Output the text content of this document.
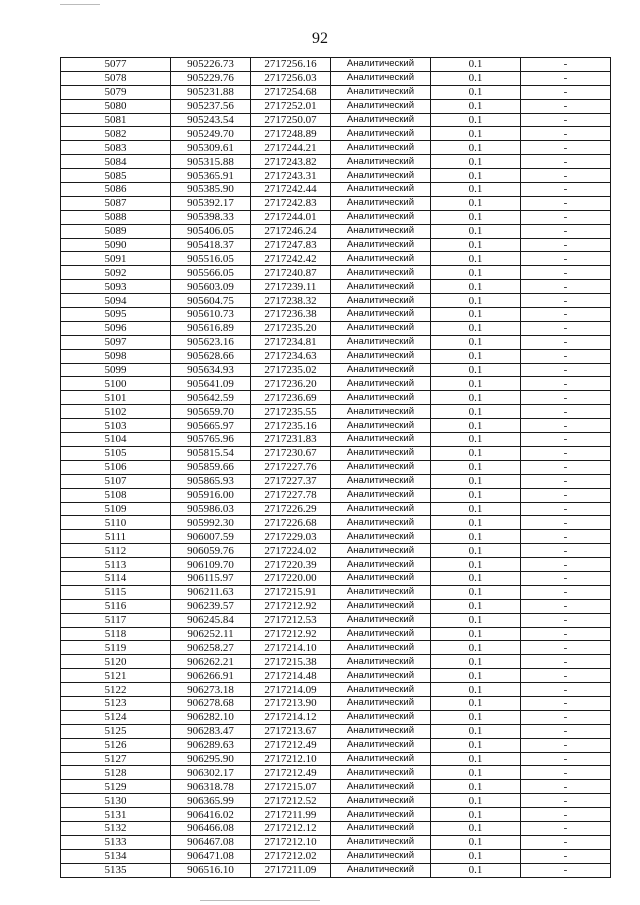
92
5077	905226.73	2717256.16	Аналитический	0.1	-
5078	905229.76	2717256.03	Аналитический	0.1	-
5079	905231.88	2717254.68	Аналитический	0.1	-
5080	905237.56	2717252.01	Аналитический	0.1	-
5081	905243.54	2717250.07	Аналитический	0.1	-
5082	905249.70	2717248.89	Аналитический	0.1	-
5083	905309.61	2717244.21	Аналитический	0.1	-
5084	905315.88	2717243.82	Аналитический	0.1	-
5085	905365.91	2717243.31	Аналитический	0.1	-
5086	905385.90	2717242.44	Аналитический	0.1	-
5087	905392.17	2717242.83	Аналитический	0.1	-
5088	905398.33	2717244.01	Аналитический	0.1	-
5089	905406.05	2717246.24	Аналитический	0.1	-
5090	905418.37	2717247.83	Аналитический	0.1	-
5091	905516.05	2717242.42	Аналитический	0.1	-
5092	905566.05	2717240.87	Аналитический	0.1	-
5093	905603.09	2717239.11	Аналитический	0.1	-
5094	905604.75	2717238.32	Аналитический	0.1	-
5095	905610.73	2717236.38	Аналитический	0.1	-
5096	905616.89	2717235.20	Аналитический	0.1	-
5097	905623.16	2717234.81	Аналитический	0.1	-
5098	905628.66	2717234.63	Аналитический	0.1	-
5099	905634.93	2717235.02	Аналитический	0.1	-
5100	905641.09	2717236.20	Аналитический	0.1	-
5101	905642.59	2717236.69	Аналитический	0.1	-
5102	905659.70	2717235.55	Аналитический	0.1	-
5103	905665.97	2717235.16	Аналитический	0.1	-
5104	905765.96	2717231.83	Аналитический	0.1	-
5105	905815.54	2717230.67	Аналитический	0.1	-
5106	905859.66	2717227.76	Аналитический	0.1	-
5107	905865.93	2717227.37	Аналитический	0.1	-
5108	905916.00	2717227.78	Аналитический	0.1	-
5109	905986.03	2717226.29	Аналитический	0.1	-
5110	905992.30	2717226.68	Аналитический	0.1	-
5111	906007.59	2717229.03	Аналитический	0.1	-
5112	906059.76	2717224.02	Аналитический	0.1	-
5113	906109.70	2717220.39	Аналитический	0.1	-
5114	906115.97	2717220.00	Аналитический	0.1	-
5115	906211.63	2717215.91	Аналитический	0.1	-
5116	906239.57	2717212.92	Аналитический	0.1	-
5117	906245.84	2717212.53	Аналитический	0.1	-
5118	906252.11	2717212.92	Аналитический	0.1	-
5119	906258.27	2717214.10	Аналитический	0.1	-
5120	906262.21	2717215.38	Аналитический	0.1	-
5121	906266.91	2717214.48	Аналитический	0.1	-
5122	906273.18	2717214.09	Аналитический	0.1	-
5123	906278.68	2717213.90	Аналитический	0.1	-
5124	906282.10	2717214.12	Аналитический	0.1	-
5125	906283.47	2717213.67	Аналитический	0.1	-
5126	906289.63	2717212.49	Аналитический	0.1	-
5127	906295.90	2717212.10	Аналитический	0.1	-
5128	906302.17	2717212.49	Аналитический	0.1	-
5129	906318.78	2717215.07	Аналитический	0.1	-
5130	906365.99	2717212.52	Аналитический	0.1	-
5131	906416.02	2717211.99	Аналитический	0.1	-
5132	906466.08	2717212.12	Аналитический	0.1	-
5133	906467.08	2717212.10	Аналитический	0.1	-
5134	906471.08	2717212.02	Аналитический	0.1	-
5135	906516.10	2717211.09	Аналитический	0.1	-
